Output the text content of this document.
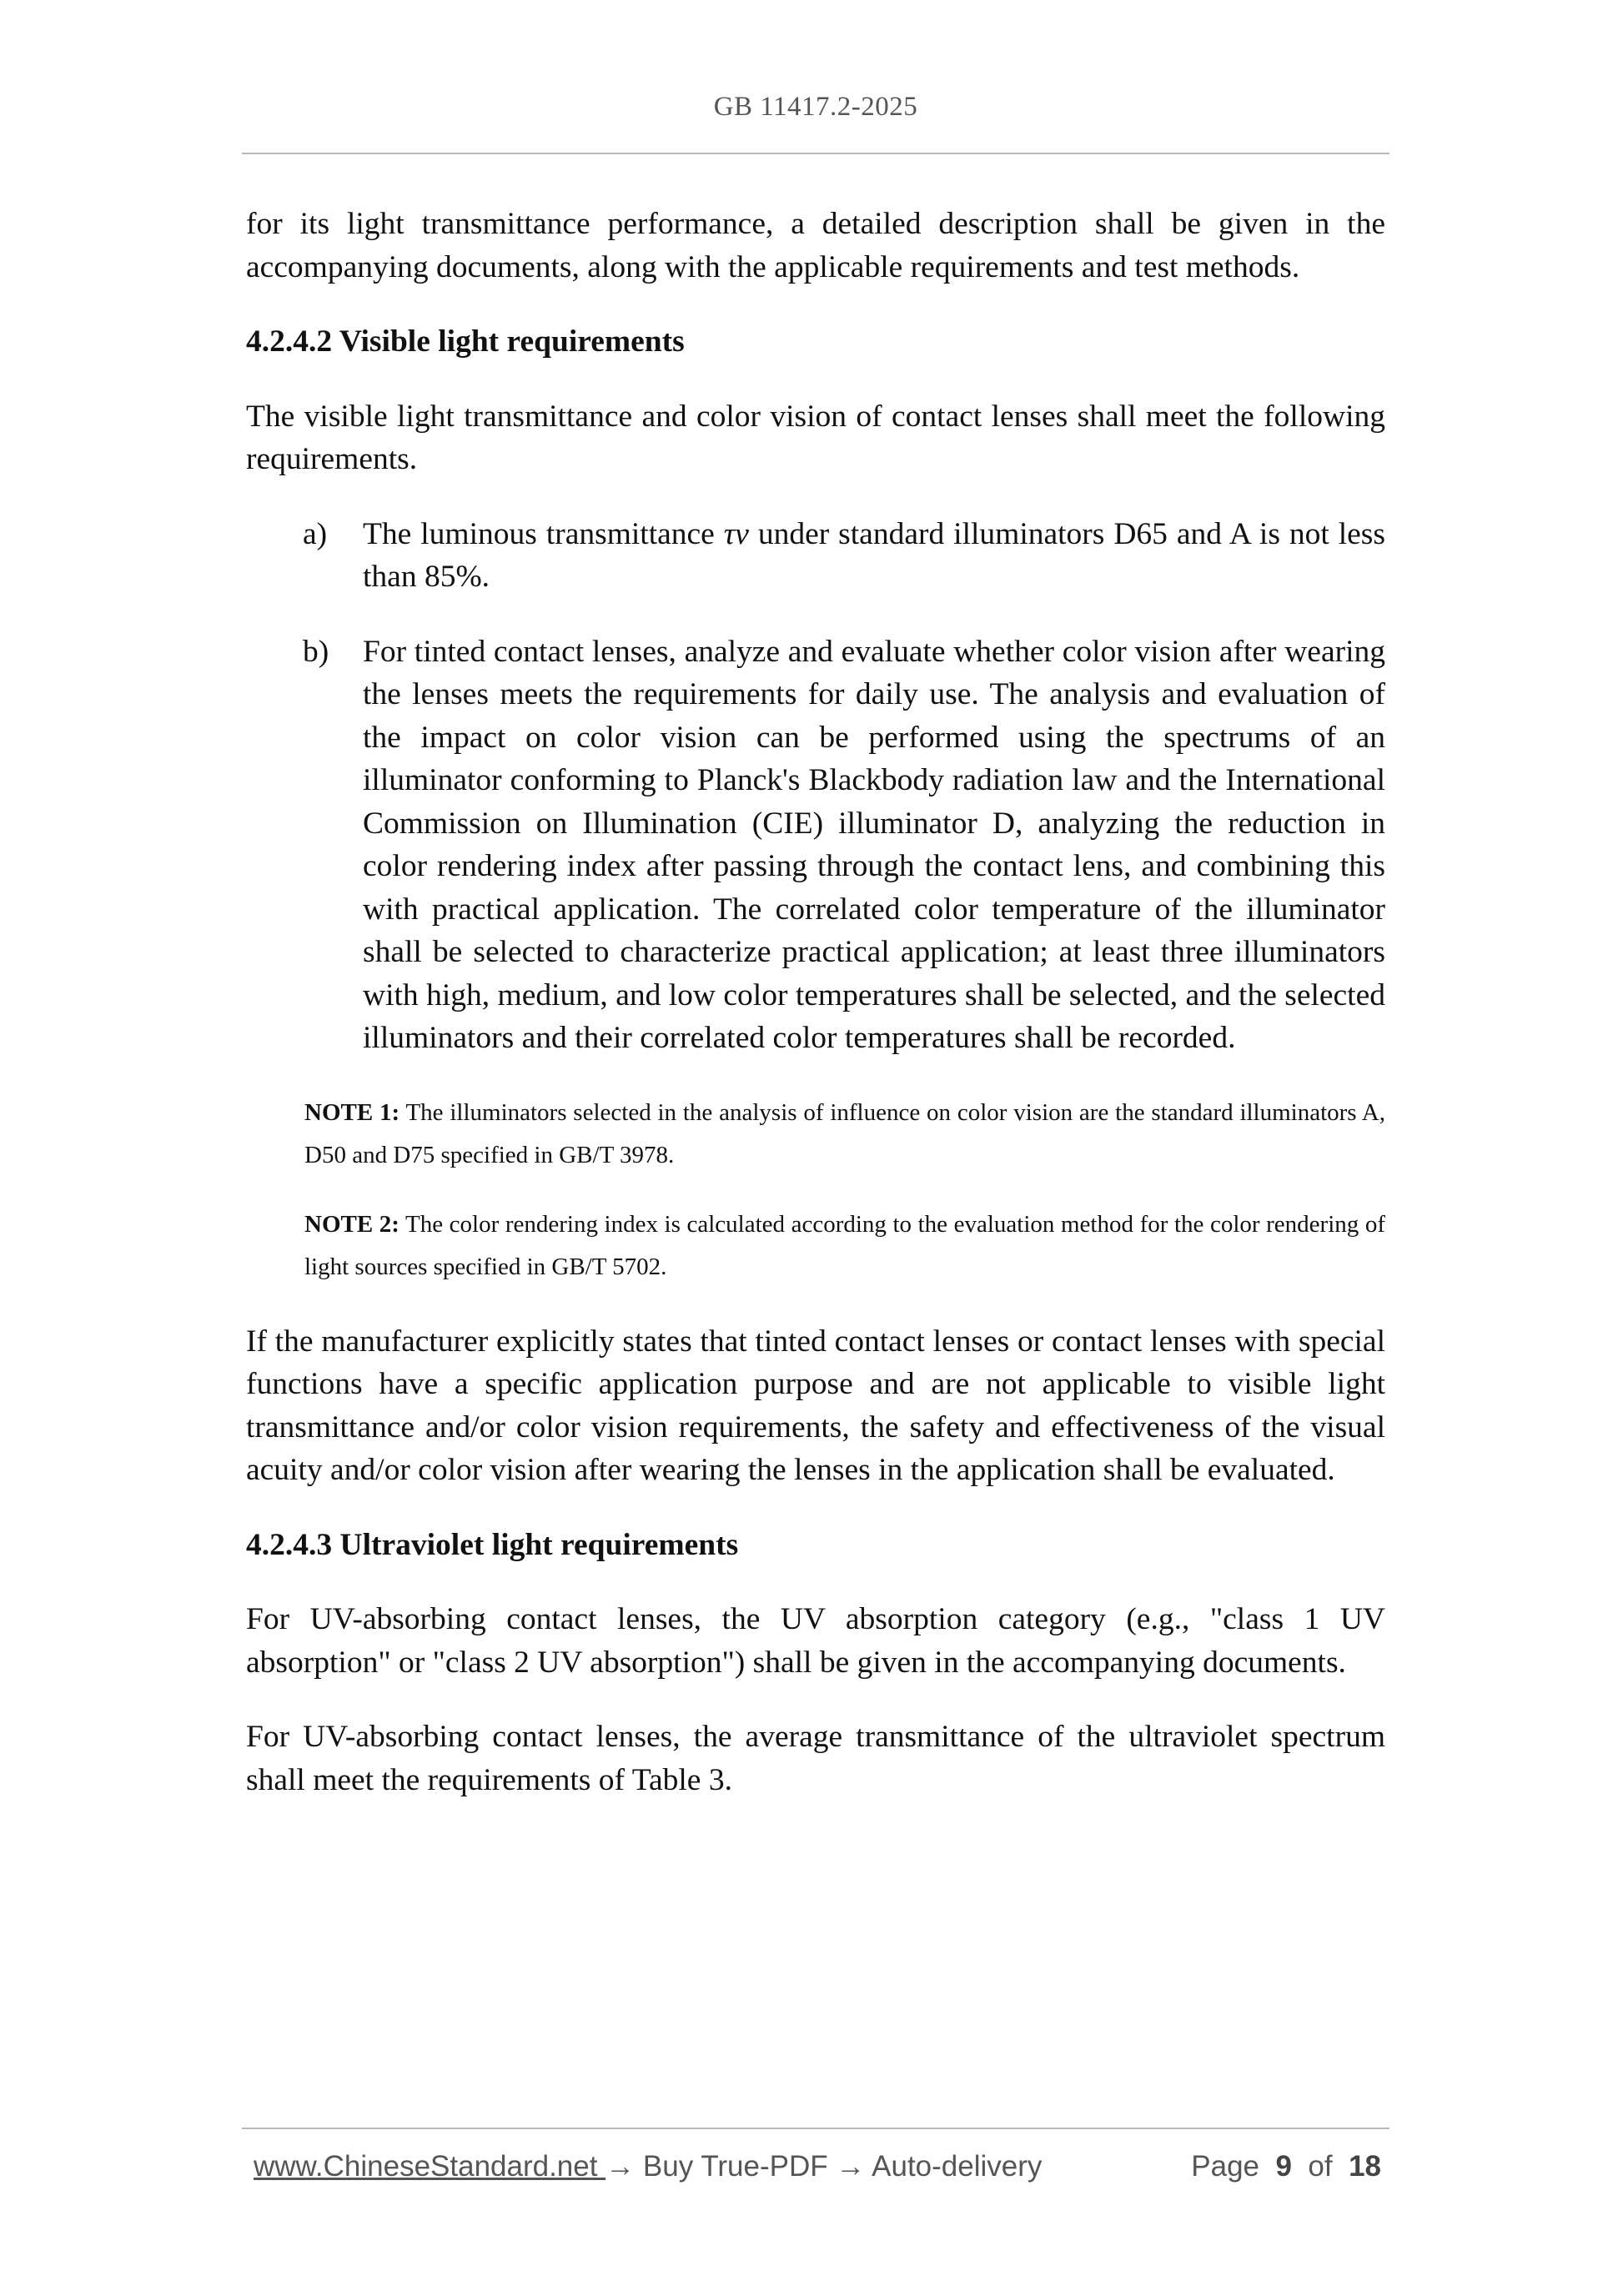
GB 11417.2-2025

for its light transmittance performance, a detailed description shall be given in the accompanying documents, along with the applicable requirements and test methods.

4.2.4.2 Visible light requirements

The visible light transmittance and color vision of contact lenses shall meet the following requirements.

a)	The luminous transmittance τv under standard illuminators D65 and A is not less than 85%.
b)	For tinted contact lenses, analyze and evaluate whether color vision after wearing the lenses meets the requirements for daily use. The analysis and evaluation of the impact on color vision can be performed using the spectrums of an illuminator conforming to Planck's Blackbody radiation law and the International Commission on Illumination (CIE) illuminator D, analyzing the reduction in color rendering index after passing through the contact lens, and combining this with practical application. The correlated color temperature of the illuminator shall be selected to characterize practical application; at least three illuminators with high, medium, and low color temperatures shall be selected, and the selected illuminators and their correlated color temperatures shall be recorded.

NOTE 1: The illuminators selected in the analysis of influence on color vision are the standard illuminators A, D50 and D75 specified in GB/T 3978.

NOTE 2: The color rendering index is calculated according to the evaluation method for the color rendering of light sources specified in GB/T 5702.

If the manufacturer explicitly states that tinted contact lenses or contact lenses with special functions have a specific application purpose and are not applicable to visible light transmittance and/or color vision requirements, the safety and effectiveness of the visual acuity and/or color vision after wearing the lenses in the application shall be evaluated.

4.2.4.3 Ultraviolet light requirements

For UV-absorbing contact lenses, the UV absorption category (e.g., "class 1 UV absorption" or "class 2 UV absorption") shall be given in the accompanying documents.

For UV-absorbing contact lenses, the average transmittance of the ultraviolet spectrum shall meet the requirements of Table 3.

www.ChineseStandard.net → Buy True-PDF → Auto-delivery	Page 9 of 18
